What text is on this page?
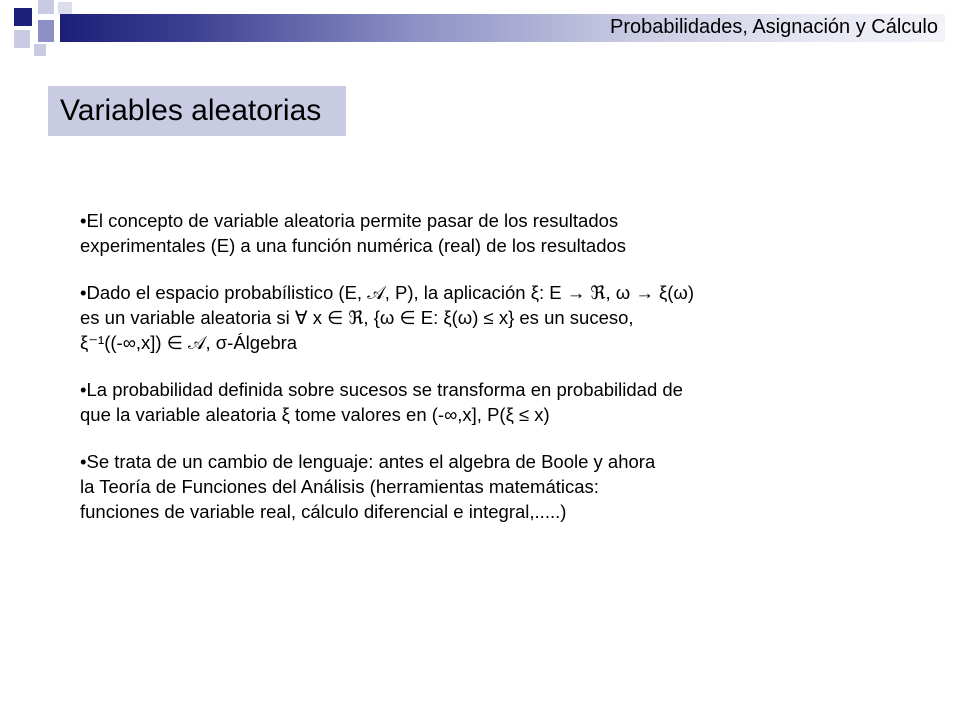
Probabilidades, Asignación y Cálculo
Variables aleatorias
•El concepto de variable aleatoria permite pasar de los resultados
experimentales (E) a una función numérica (real) de los resultados
•Dado el espacio probabílistico (E, 𝒜, P), la aplicación ξ: E → ℜ, ω → ξ(ω)
es un variable aleatoria si ∀ x ∈ ℜ, {ω ∈ E: ξ(ω) ≤ x} es un suceso,
ξ⁻¹((-∞,x]) ∈ 𝒜, σ-Álgebra
•La probabilidad definida sobre sucesos se transforma en probabilidad de
que la variable aleatoria ξ tome valores en (-∞,x], P(ξ ≤ x)
•Se trata de un cambio de lenguaje: antes el algebra de Boole y ahora
la Teoría de Funciones del Análisis (herramientas matemáticas:
funciones de variable real, cálculo diferencial e integral,.....)
